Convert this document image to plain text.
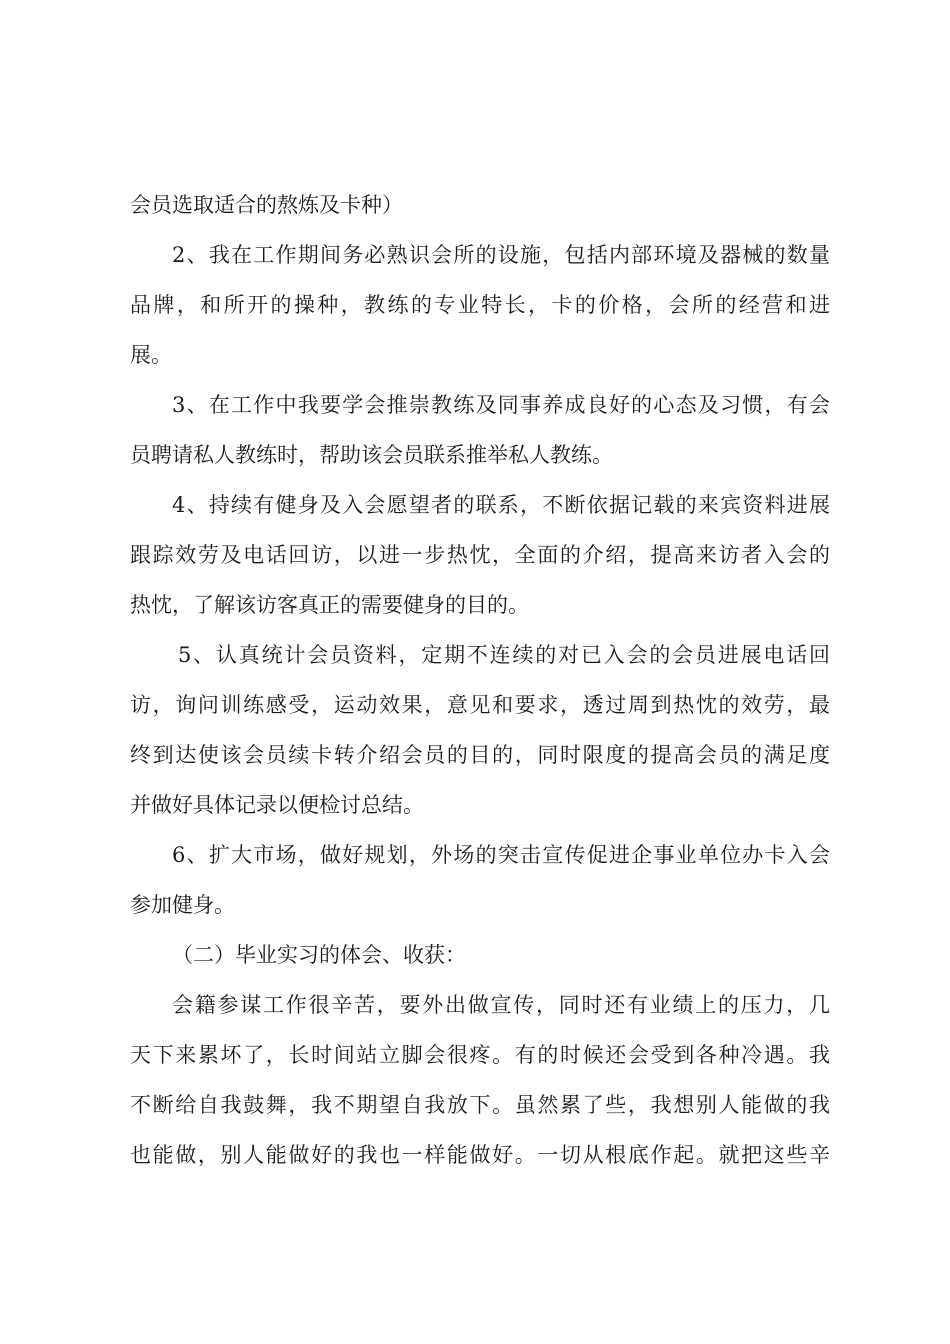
会员选取适合的熬炼及卡种）
2、我在工作期间务必熟识会所的设施，包括内部环境及器械的数量
品牌，和所开的操种，教练的专业特长，卡的价格，会所的经营和进
展。
3、在工作中我要学会推崇教练及同事养成良好的心态及习惯，有会
员聘请私人教练时，帮助该会员联系推举私人教练。
4、持续有健身及入会愿望者的联系，不断依据记载的来宾资料进展
跟踪效劳及电话回访，以进一步热忱，全面的介绍，提高来访者入会的
热忱，了解该访客真正的需要健身的目的。
5、认真统计会员资料，定期不连续的对已入会的会员进展电话回
访，询问训练感受，运动效果，意见和要求，透过周到热忱的效劳，最
终到达使该会员续卡转介绍会员的目的，同时限度的提高会员的满足度
并做好具体记录以便检讨总结。
6、扩大市场，做好规划，外场的突击宣传促进企事业单位办卡入会
参加健身。
（二）毕业实习的体会、收获：
会籍参谋工作很辛苦，要外出做宣传，同时还有业绩上的压力，几
天下来累坏了，长时间站立脚会很疼。有的时候还会受到各种冷遇。我
不断给自我鼓舞，我不期望自我放下。虽然累了些，我想别人能做的我
也能做，别人能做好的我也一样能做好。一切从根底作起。就把这些辛
